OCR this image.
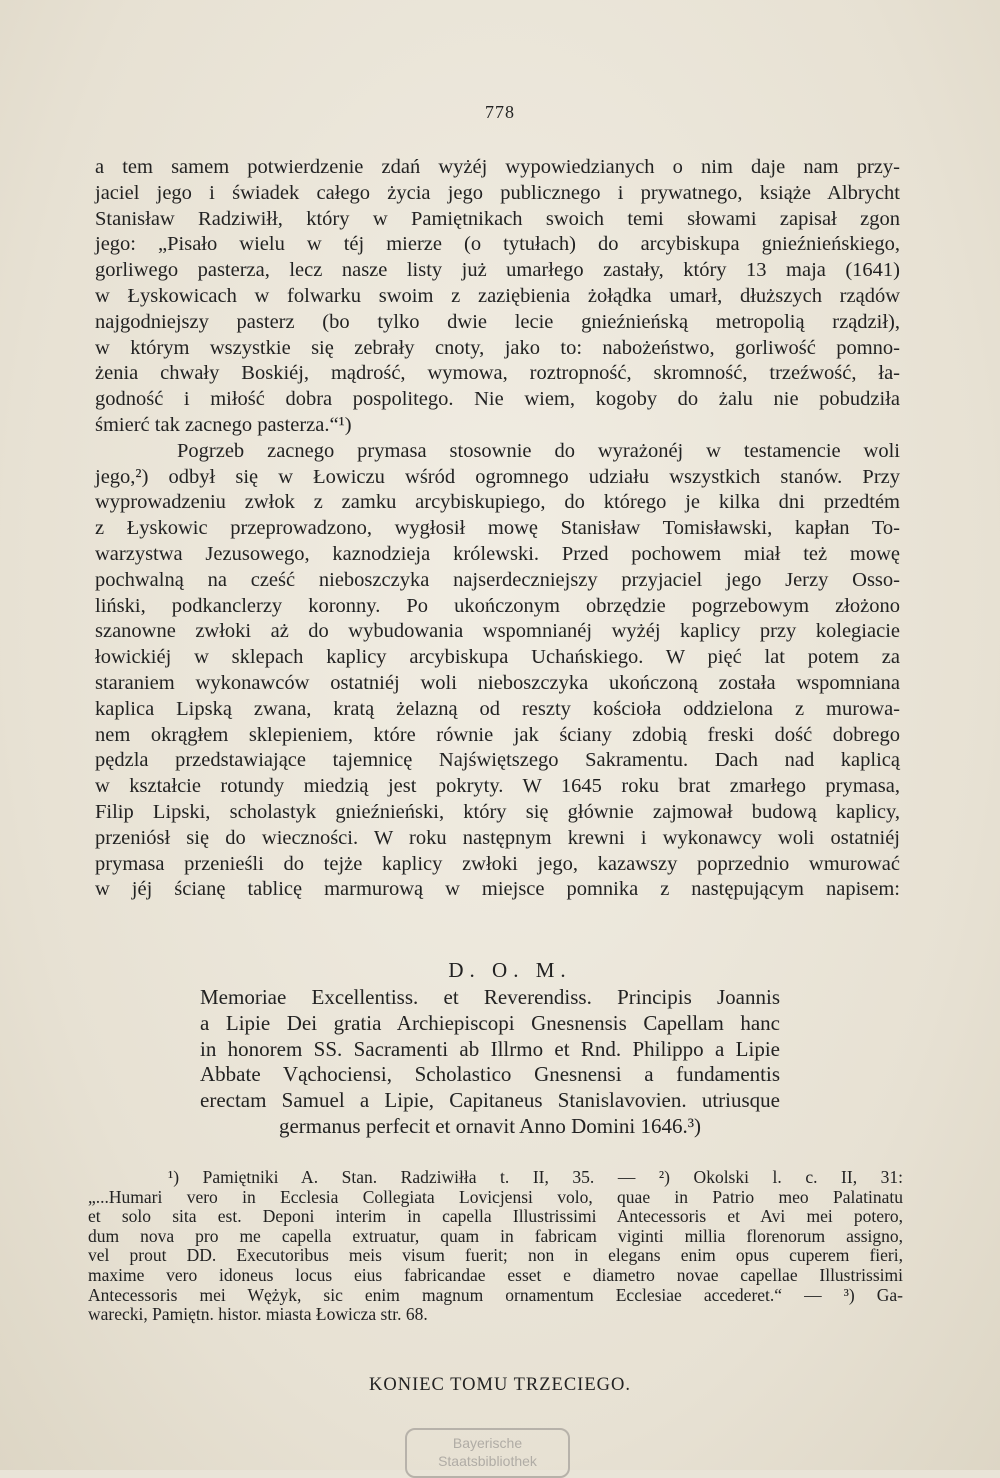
778
a tem samem potwierdzenie zdań wyżéj wypowiedzianych o nim daje nam przy-
jaciel jego i świadek całego życia jego publicznego i prywatnego, książe Albrycht
Stanisław Radziwiłł, który w Pamiętnikach swoich temi słowami zapisał zgon
jego: „Pisało wielu w téj mierze (o tytułach) do arcybiskupa gnieźnieńskiego,
gorliwego pasterza, lecz nasze listy już umarłego zastały, który 13 maja (1641)
w Łyskowicach w folwarku swoim z zaziębienia żołądka umarł, dłuższych rządów
najgodniejszy pasterz (bo tylko dwie lecie gnieźnieńską metropolią rządził),
w którym wszystkie się zebrały cnoty, jako to: nabożeństwo, gorliwość pomno-
żenia chwały Boskiéj, mądrość, wymowa, roztropność, skromność, trzeźwość, ła-
godność i miłość dobra pospolitego. Nie wiem, kogoby do żalu nie pobudziła
śmierć tak zacnego pasterza.“¹)
Pogrzeb zacnego prymasa stosownie do wyrażonéj w testamencie woli
jego,²) odbył się w Łowiczu wśród ogromnego udziału wszystkich stanów. Przy
wyprowadzeniu zwłok z zamku arcybiskupiego, do którego je kilka dni przedtém
z Łyskowic przeprowadzono, wygłosił mowę Stanisław Tomisławski, kapłan To-
warzystwa Jezusowego, kaznodzieja królewski. Przed pochowem miał też mowę
pochwalną na cześć nieboszczyka najserdeczniejszy przyjaciel jego Jerzy Osso-
liński, podkanclerzy koronny. Po ukończonym obrzędzie pogrzebowym złożono
szanowne zwłoki aż do wybudowania wspomnianéj wyżéj kaplicy przy kolegiacie
łowickiéj w sklepach kaplicy arcybiskupa Uchańskiego. W pięć lat potem za
staraniem wykonawców ostatniéj woli nieboszczyka ukończoną została wspomniana
kaplica Lipską zwana, kratą żelazną od reszty kościoła oddzielona z murowa-
nem okrągłem sklepieniem, które równie jak ściany zdobią freski dość dobrego
pędzla przedstawiające tajemnicę Najświętszego Sakramentu. Dach nad kaplicą
w kształcie rotundy miedzią jest pokryty. W 1645 roku brat zmarłego prymasa,
Filip Lipski, scholastyk gnieźnieński, który się głównie zajmował budową kaplicy,
przeniósł się do wieczności. W roku następnym krewni i wykonawcy woli ostatniéj
prymasa przenieśli do tejże kaplicy zwłoki jego, kazawszy poprzednio wmurować
w jéj ścianę tablicę marmurową w miejsce pomnika z następującym napisem:
D. O. M.
Memoriae Excellentiss. et Reverendiss. Principis Joannis
a Lipie Dei gratia Archiepiscopi Gnesnensis Capellam hanc
in honorem SS. Sacramenti ab Illrmo et Rnd. Philippo a Lipie
Abbate Vąchociensi, Scholastico Gnesnensi a fundamentis
erectam Samuel a Lipie, Capitaneus Stanislavovien. utriusque
germanus perfecit et ornavit Anno Domini 1646.³)
¹) Pamiętniki A. Stan. Radziwiłła t. II, 35. — ²) Okolski l. c. II, 31:
„...Humari vero in Ecclesia Collegiata Lovicjensi volo, quae in Patrio meo Palatinatu
et solo sita est. Deponi interim in capella Illustrissimi Antecessoris et Avi mei potero,
dum nova pro me capella extruatur, quam in fabricam viginti millia florenorum assigno,
vel prout DD. Executoribus meis visum fuerit; non in elegans enim opus cuperem fieri,
maxime vero idoneus locus eius fabricandae esset e diametro novae capellae Illustrissimi
Antecessoris mei Wężyk, sic enim magnum ornamentum Ecclesiae accederet.“ — ³) Ga-
warecki, Pamiętn. histor. miasta Łowicza str. 68.
KONIEC TOMU TRZECIEGO.
Bayerische
Staatsbibliothek
